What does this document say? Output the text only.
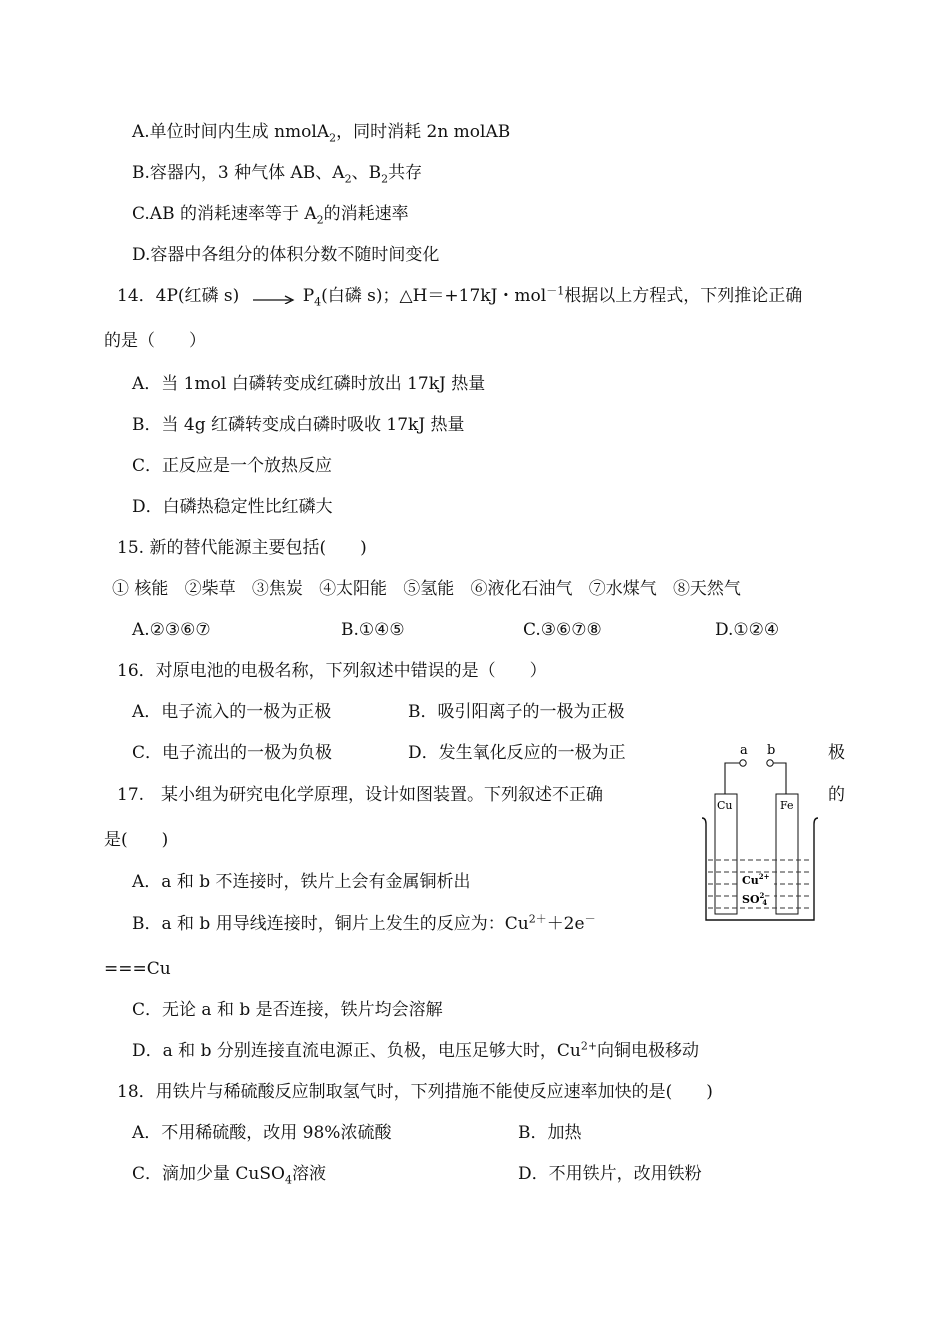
A.单位时间内生成 nmolA$_2$，同时消耗 2n molAB
B.容器内，3 种气体 AB、$A_2$、$B_2$共存
C.AB 的消耗速率等于 $A_2$的消耗速率
D.容器中各组分的体积分数不随时间变化
14．4P(红磷 $s) \to P_4$(白磷 s)；△H＝+17kJ・mol$^{-1}$根据以上方程式，下列推论正确
的是（　　）
A．当 1mol 白磷转变成红磷时放出 17kJ 热量
B．当 4g 红磷转变成白磷时吸收 17kJ 热量
C．正反应是一个放热反应
D．白磷热稳定性比红磷大
15. 新的替代能源主要包括(　　)
① 核能 ②柴草 ③焦炭 ④太阳能 ⑤氢能 ⑥液化石油气 ⑦水煤气 ⑧天然气
A.②③⑥⑦	B.①④⑤	C.③⑥⑦⑧	D.①②④
16．对原电池的电极名称，下列叙述中错误的是（　　）
A．电子流入的一极为正极	B．吸引阳离子的一极为正极
C．电子流出的一极为负极	D．发生氧化反应的一极为正	极
17.　某小组为研究电化学原理，设计如图装置。下列叙述不正确	的
是(　　)
A．a 和 b 不连接时，铁片上会有金属铜析出
B．a 和 b 用导线连接时，铜片上发生的反应为：$Cu^{2+}+2e^-$
===Cu
C．无论 a 和 b 是否连接，铁片均会溶解
D．a 和 b 分别连接直流电源正、负极，电压足够大时，$Cu^{2+}$向铜电极移动
18．用铁片与稀硫酸反应制取氢气时，下列措施不能使反应速率加快的是(　　)
A．不用稀硫酸，改用 98%浓硫酸	B．加热
C．滴加少量 CuSO$_4$溶液	D．不用铁片，改用铁粉
a b
Cu	Fe
$Cu^{2+}$
$SO^{2-}$ 4
